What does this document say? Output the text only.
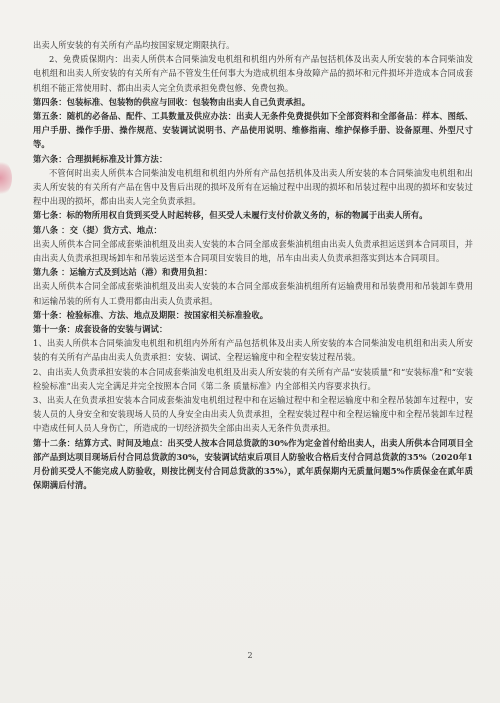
出卖人所安装的有关所有产品均按国家规定期限执行。

2、免费质保期内：出卖人所供本合同柴油发电机组和机组内外所有产品包括机体及出卖人所安装的本合同柴油发电机组和出卖人所安装的有关所有产品不管发生任何事大为造成机组本身故障产品的损坏和元件损坏并造成本合同成套机组不能正常使用时、都由出卖人完全负责承担免费包修、免费包换。

第四条：包装标准、包装物的供应与回收：包装物由出卖人自己负责承担。

第五条：随机的必备品、配件、工具数量及供应办法：出卖人无条件免费提供如下全部资料和全部备品：样本、图纸、用户手册、操作手册、操作规范、安装调试说明书、产品使用说明、维修指南、维护保修手册、设备原理、外型尺寸等。

第六条：合理损耗标准及计算方法：

不管何时出卖人所供本合同柴油发电机组和机组内外所有产品包括机体及出卖人所安装的本合同柴油发电机组和出卖人所安装的有关所有产品在售中及售后出现的损坏及所有在运输过程中出现的损坏和吊装过程中出现的损坏和安装过程中出现的损坏，都由出卖人完全负责承担。

第七条：标的物所用权自货到买受人时起转移，但买受人未履行支付价款义务的，标的物属于出卖人所有。

第八条 ：交（提）货方式、地点：

出卖人所供本合同全部成套柴油机组及出卖人安装的本合同全部成套柴油机组由出卖人负责承担运送到本合同项目，并由出卖人负责承担现场卸车和吊装运送至本合同项目安装目的地，吊车由出卖人负责承担落实到达本合同项目。

第九条 ：运输方式及到达站（港）和费用负担：

出卖人所供本合同全部成套柴油机组及出卖人安装的本合同全部成套柴油机组所有运输费用和吊装费用和吊装卸车费用和运输吊装的所有人工费用都由出卖人负责承担。

第十条：检验标准、方法、地点及期限：按国家相关标准验收。

第十一条：成套设备的安装与调试：

1、出卖人所供本合同柴油发电机组和机组内外所有产品包括机体及出卖人所安装的本合同柴油发电机组和出卖人所安装的有关所有产品由出卖人负责承担：安装、调试、全程运输度中和全程安装过程吊装。

2、由出卖人负责承担安装的本合同成套柴油发电机组及出卖人所安装的有关所有产品“安装质量”和“安装标准”和“安装检验标准”出卖人完全满足并完全按照本合同《第二条 质量标准》内全部相关内容要求执行。

3、出卖人在负责承担安装本合同成套柴油发电机组过程中和在运输过程中和全程运输度中和全程吊装卸车过程中，安装人员的人身安全和安装现场人员的人身安全由出卖人负责承担，全程安装过程中和全程运输度中和全程吊装卸车过程中造成任何人员人身伤亡，所造成的一切经济损失全部由出卖人无条件负责承担。

第十二条：结算方式、时间及地点：出买受人按本合同总货款的30%作为定金首付给出卖人，出卖人所供本合同项目全部产品到达项目现场后付合同总货款的30%，安装调试结束后项目人防验收合格后支付合同总货款的35%（2020年1月份前买受人不能完成人防验收，则按比例支付合同总货款的35%），贰年质保期内无质量问题5%作质保金在贰年质保期满后付清。

2
